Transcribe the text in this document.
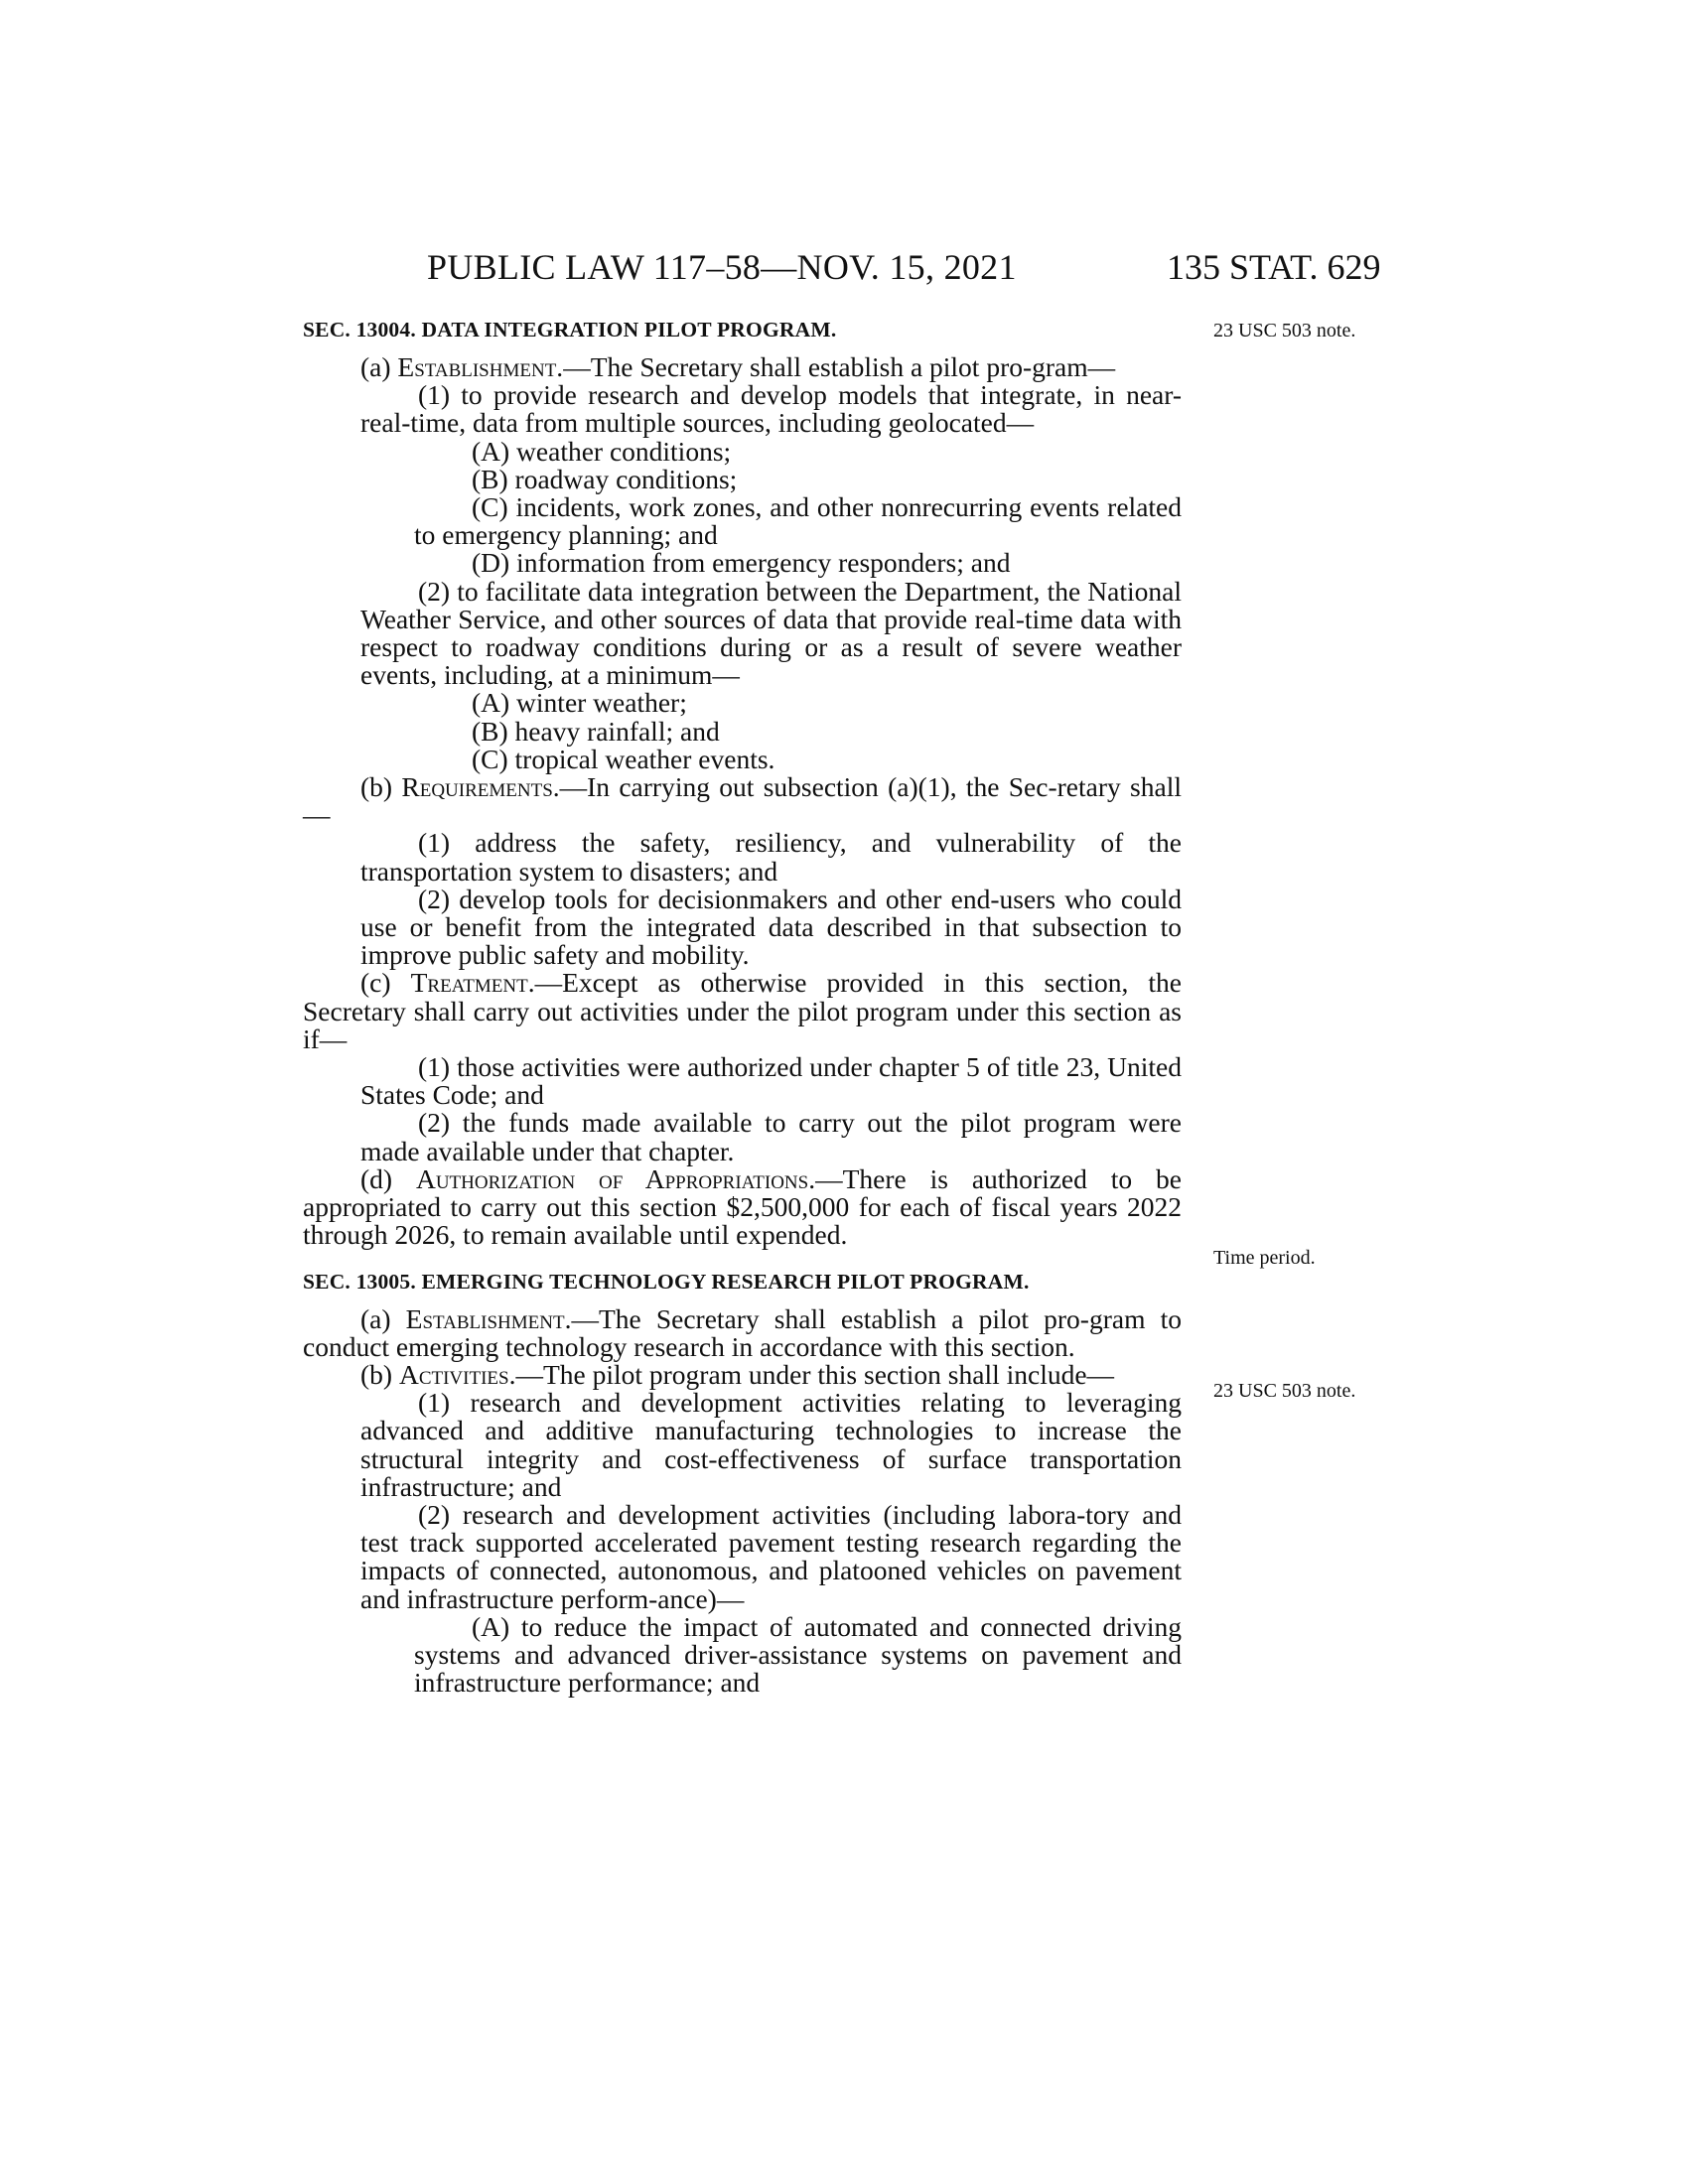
PUBLIC LAW 117–58—NOV. 15, 2021	135 STAT. 629
23 USC 503 note.
Time period.
23 USC 503 note.
SEC. 13004. DATA INTEGRATION PILOT PROGRAM.

(a) Establishment.—The Secretary shall establish a pilot pro-gram—

(1) to provide research and develop models that integrate, in near-real-time, data from multiple sources, including geolocated—

(A) weather conditions;

(B) roadway conditions;

(C) incidents, work zones, and other nonrecurring events related to emergency planning; and

(D) information from emergency responders; and

(2) to facilitate data integration between the Department, the National Weather Service, and other sources of data that provide real-time data with respect to roadway conditions during or as a result of severe weather events, including, at a minimum—

(A) winter weather;

(B) heavy rainfall; and

(C) tropical weather events.

(b) Requirements.—In carrying out subsection (a)(1), the Sec-retary shall—

(1) address the safety, resiliency, and vulnerability of the transportation system to disasters; and

(2) develop tools for decisionmakers and other end-users who could use or benefit from the integrated data described in that subsection to improve public safety and mobility.

(c) Treatment.—Except as otherwise provided in this section, the Secretary shall carry out activities under the pilot program under this section as if—

(1) those activities were authorized under chapter 5 of title 23, United States Code; and

(2) the funds made available to carry out the pilot program were made available under that chapter.

(d) Authorization of Appropriations.—There is authorized to be appropriated to carry out this section $2,500,000 for each of fiscal years 2022 through 2026, to remain available until expended.

SEC. 13005. EMERGING TECHNOLOGY RESEARCH PILOT PROGRAM.

(a) Establishment.—The Secretary shall establish a pilot pro-gram to conduct emerging technology research in accordance with this section.

(b) Activities.—The pilot program under this section shall include—

(1) research and development activities relating to leveraging advanced and additive manufacturing technologies to increase the structural integrity and cost-effectiveness of surface transportation infrastructure; and

(2) research and development activities (including labora-tory and test track supported accelerated pavement testing research regarding the impacts of connected, autonomous, and platooned vehicles on pavement and infrastructure perform-ance)—

(A) to reduce the impact of automated and connected driving systems and advanced driver-assistance systems on pavement and infrastructure performance; and
